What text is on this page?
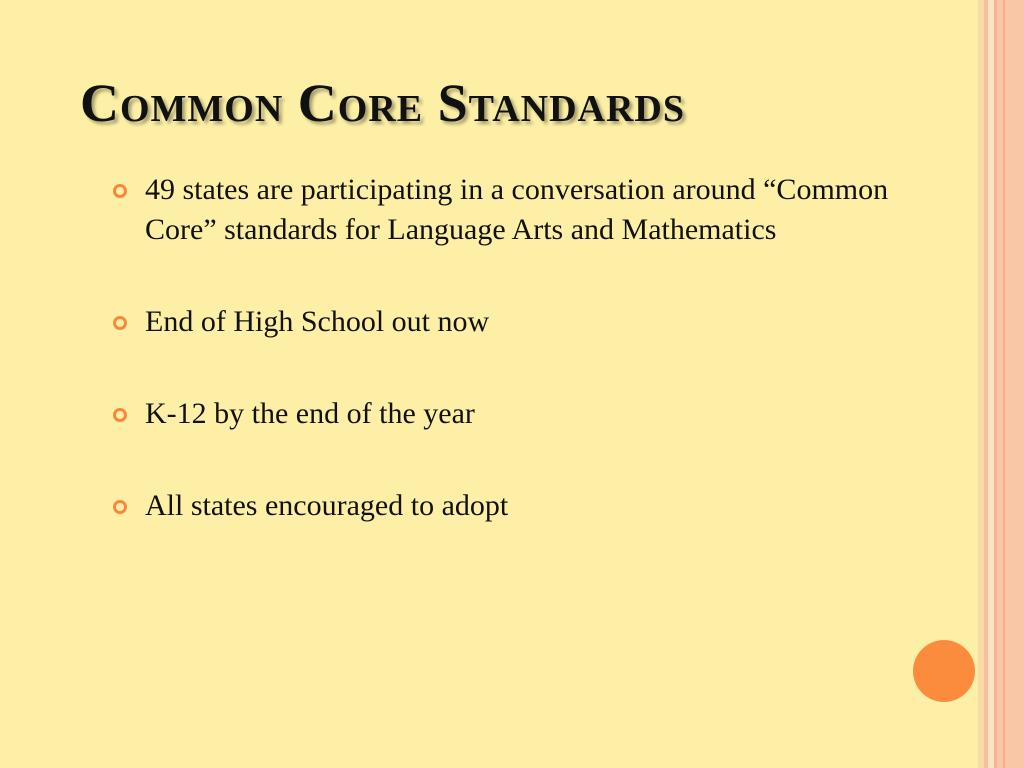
Common Core Standards
49 states are participating in a conversation around “Common Core” standards for Language Arts and Mathematics
End of High School out now
K-12 by the end of the year
All states encouraged to adopt
